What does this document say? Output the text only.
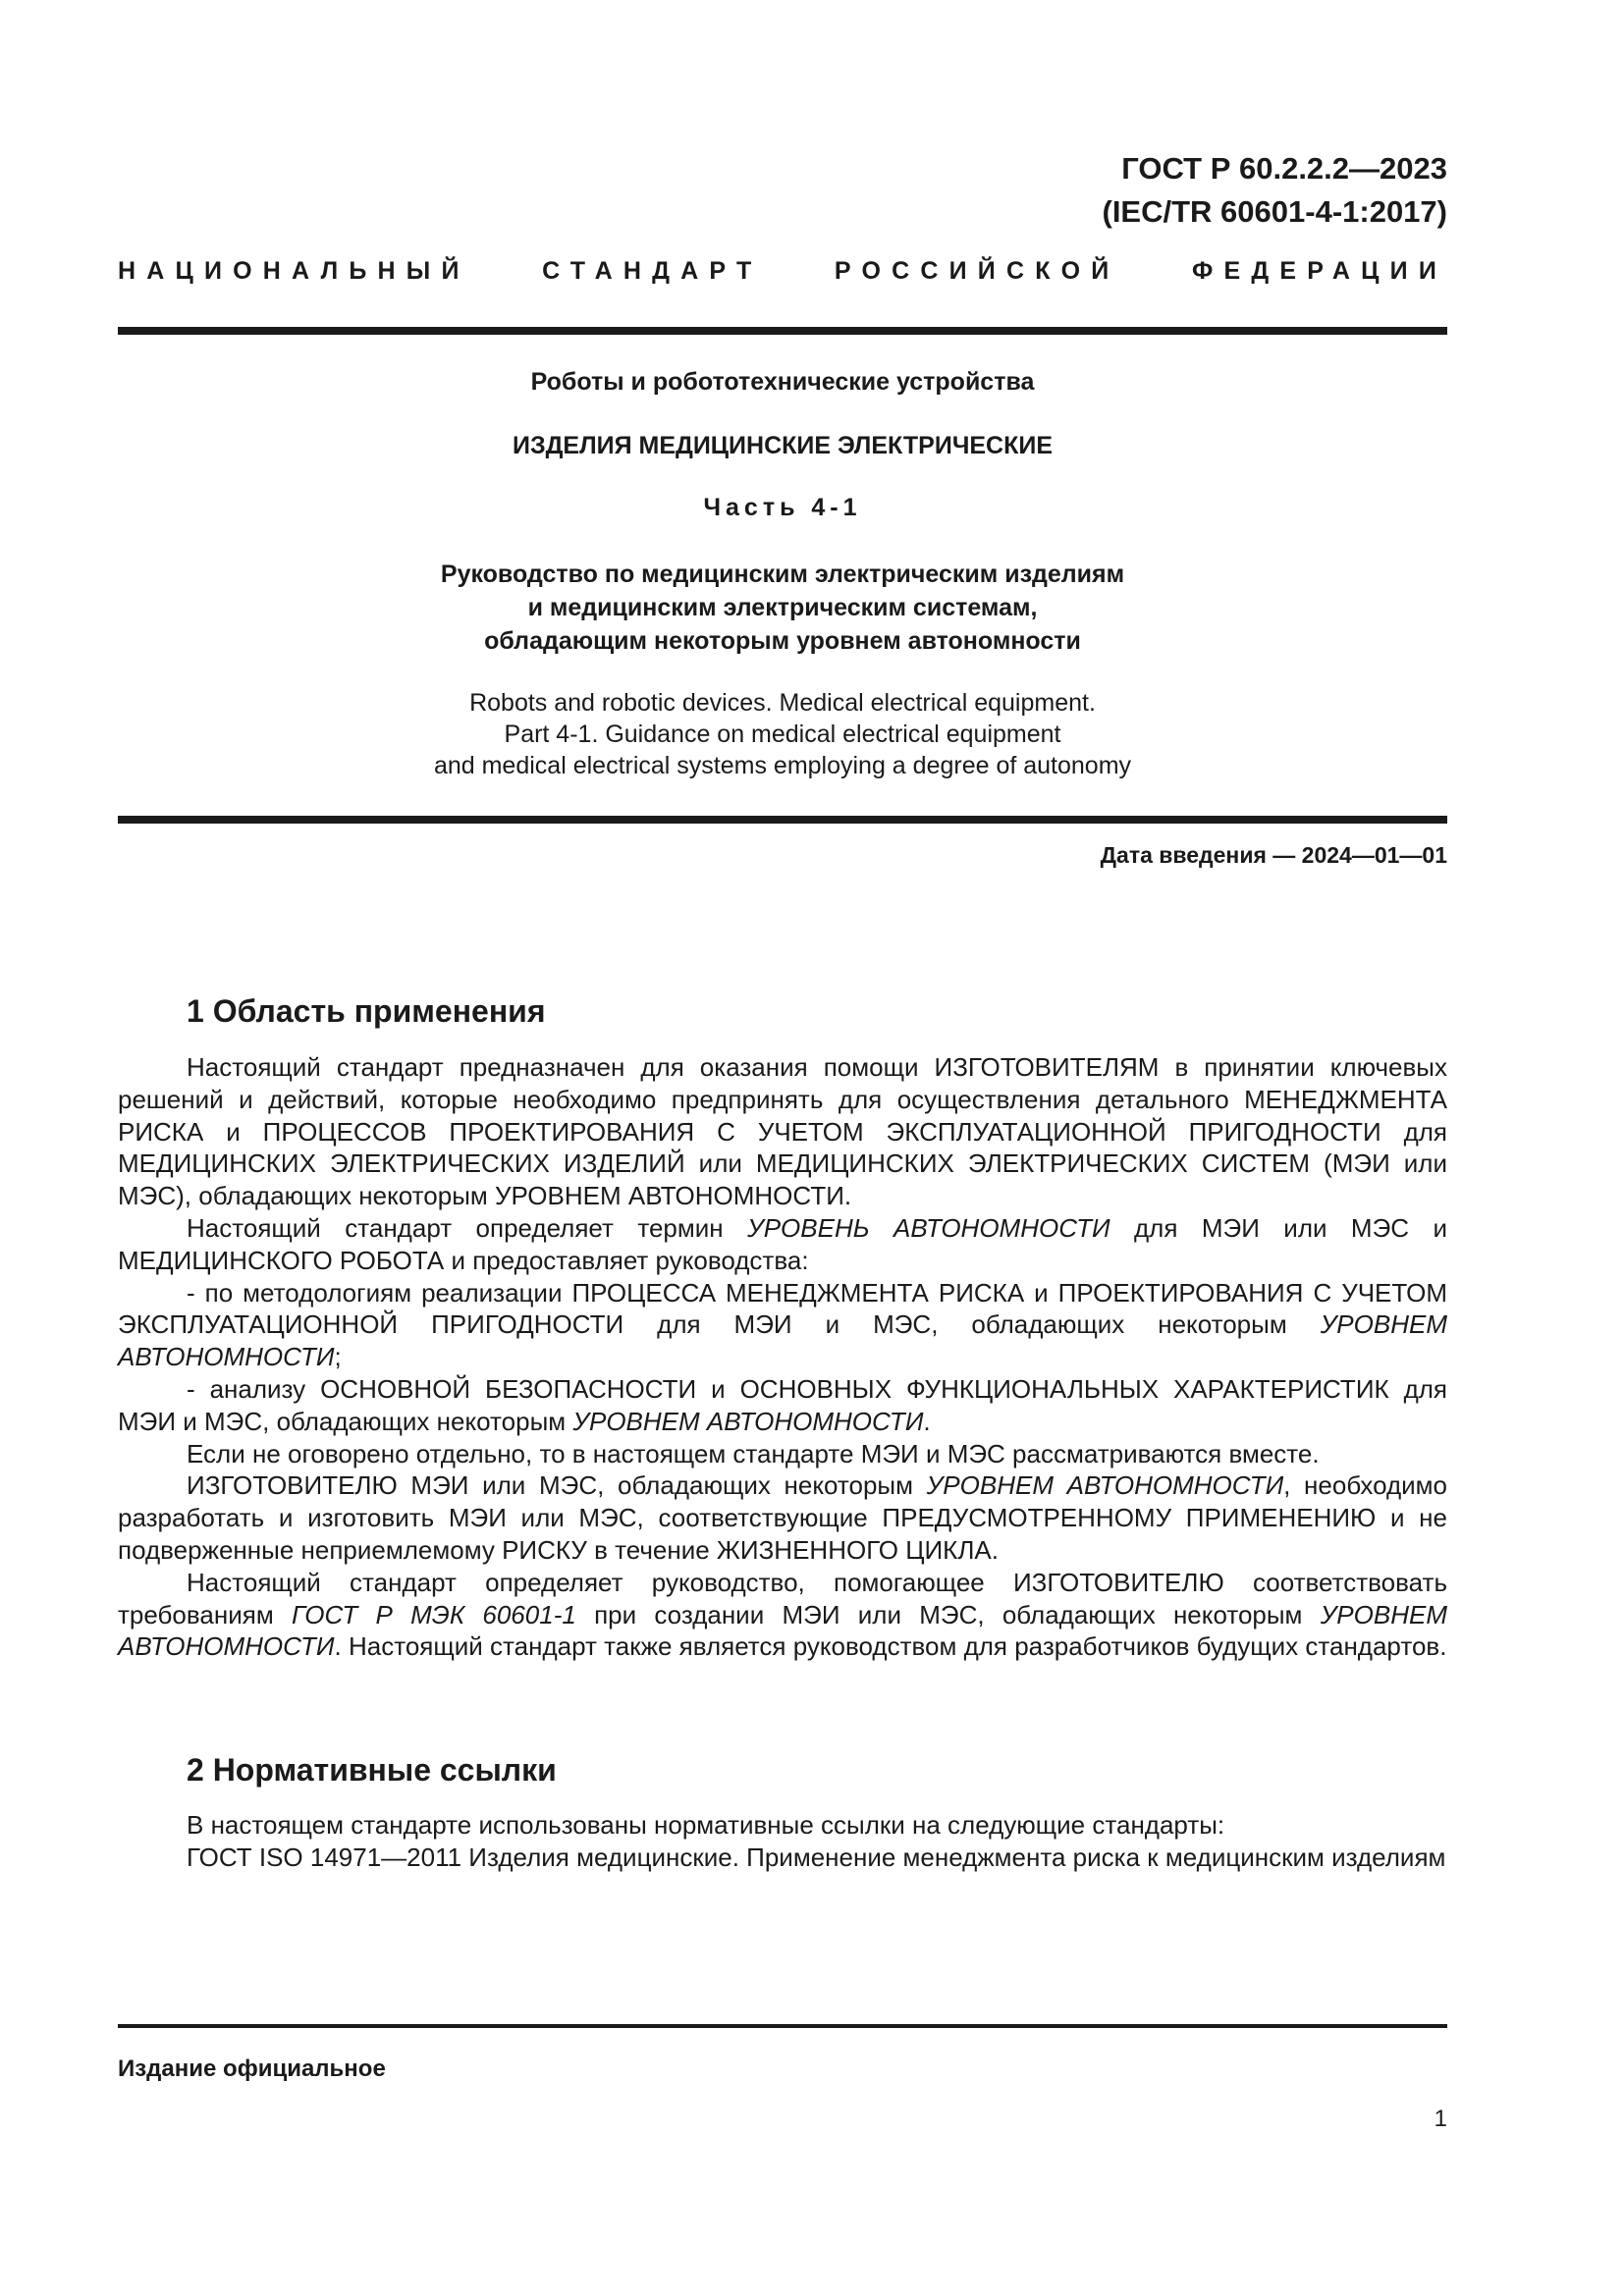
ГОСТ Р 60.2.2.2—2023
(IEC/TR 60601-4-1:2017)
НАЦИОНАЛЬНЫЙ СТАНДАРТ РОССИЙСКОЙ ФЕДЕРАЦИИ
Роботы и робототехнические устройства
ИЗДЕЛИЯ МЕДИЦИНСКИЕ ЭЛЕКТРИЧЕСКИЕ
Часть 4-1
Руководство по медицинским электрическим изделиям
и медицинским электрическим системам,
обладающим некоторым уровнем автономности
Robots and robotic devices. Medical electrical equipment.
Part 4-1. Guidance on medical electrical equipment
and medical electrical systems employing a degree of autonomy
Дата введения — 2024—01—01
1 Область применения

Настоящий стандарт предназначен для оказания помощи ИЗГОТОВИТЕЛЯМ в принятии ключевых решений и действий, которые необходимо предпринять для осуществления детального МЕНЕДЖМЕНТА РИСКА и ПРОЦЕССОВ ПРОЕКТИРОВАНИЯ С УЧЕТОМ ЭКСПЛУАТАЦИОННОЙ ПРИГОДНОСТИ для МЕДИЦИНСКИХ ЭЛЕКТРИЧЕСКИХ ИЗДЕЛИЙ или МЕДИЦИНСКИХ ЭЛЕКТРИЧЕСКИХ СИСТЕМ (МЭИ или МЭС), обладающих некоторым УРОВНЕМ АВТОНОМНОСТИ.

Настоящий стандарт определяет термин УРОВЕНЬ АВТОНОМНОСТИ для МЭИ или МЭС и МЕДИЦИНСКОГО РОБОТА и предоставляет руководства:

- по методологиям реализации ПРОЦЕССА МЕНЕДЖМЕНТА РИСКА и ПРОЕКТИРОВАНИЯ С УЧЕТОМ ЭКСПЛУАТАЦИОННОЙ ПРИГОДНОСТИ для МЭИ и МЭС, обладающих некоторым УРОВНЕМ АВТОНОМНОСТИ;

- анализу ОСНОВНОЙ БЕЗОПАСНОСТИ и ОСНОВНЫХ ФУНКЦИОНАЛЬНЫХ ХАРАКТЕРИСТИК для МЭИ и МЭС, обладающих некоторым УРОВНЕМ АВТОНОМНОСТИ.

Если не оговорено отдельно, то в настоящем стандарте МЭИ и МЭС рассматриваются вместе.

ИЗГОТОВИТЕЛЮ МЭИ или МЭС, обладающих некоторым УРОВНЕМ АВТОНОМНОСТИ, необходимо разработать и изготовить МЭИ или МЭС, соответствующие ПРЕДУСМОТРЕННОМУ ПРИМЕНЕНИЮ и не подверженные неприемлемому РИСКУ в течение ЖИЗНЕННОГО ЦИКЛА.

Настоящий стандарт определяет руководство, помогающее ИЗГОТОВИТЕЛЮ соответствовать требованиям ГОСТ Р МЭК 60601-1 при создании МЭИ или МЭС, обладающих некоторым УРОВНЕМ АВТОНОМНОСТИ. Настоящий стандарт также является руководством для разработчиков будущих стандартов.

2 Нормативные ссылки

В настоящем стандарте использованы нормативные ссылки на следующие стандарты:

ГОСТ ISO 14971—2011 Изделия медицинские. Применение менеджмента риска к медицинским изделиям

Издание официальное
1
